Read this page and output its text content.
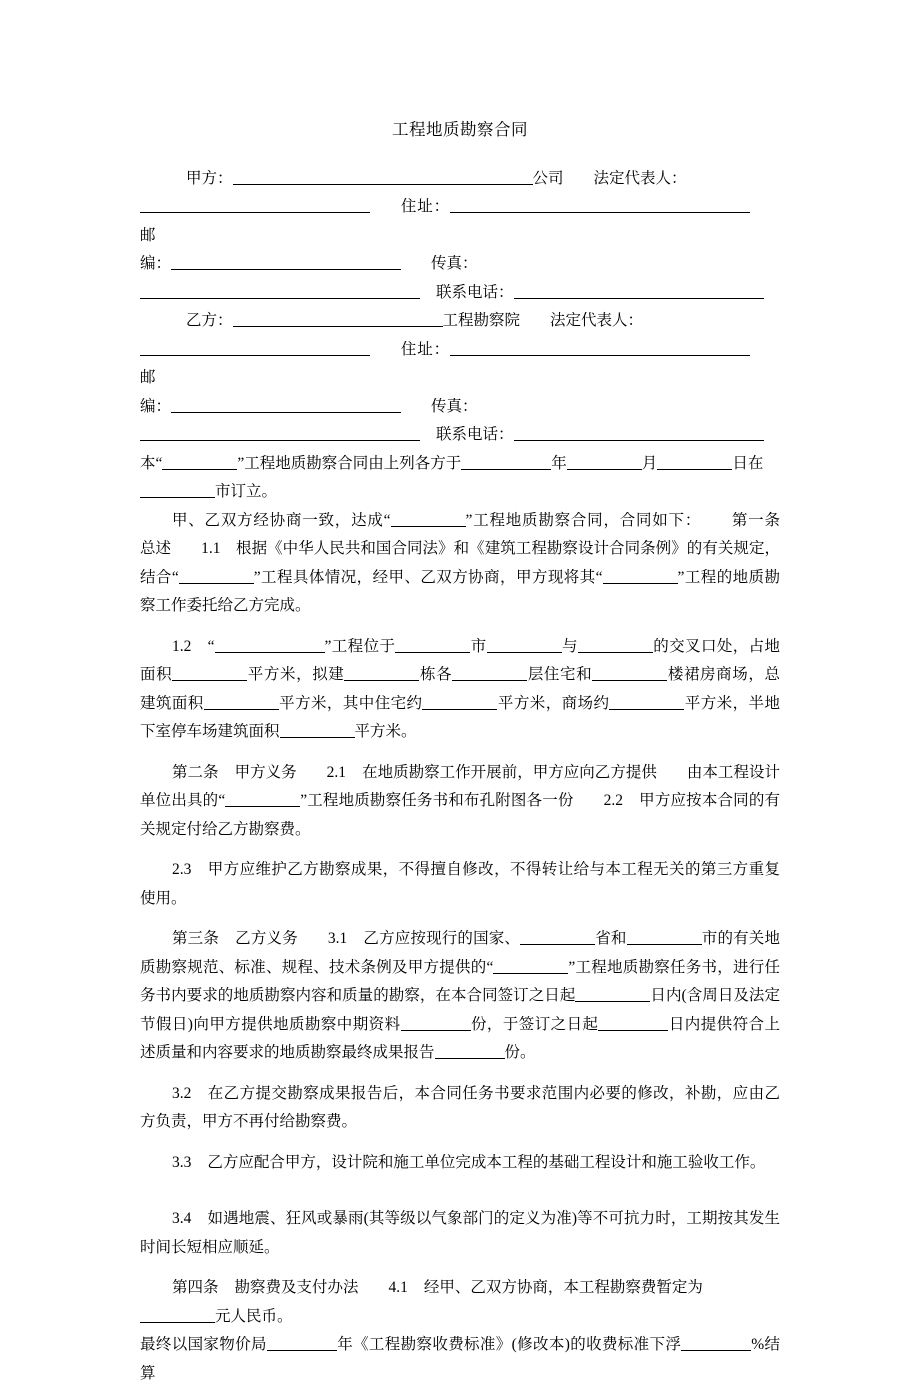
工程地质勘察合同

甲方：	公司 法定代表人：
住址：邮
编：	传真：
联系电话：

乙方：	工程勘察院 法定代表人：
住址：邮
编：	传真：
联系电话：

本“	”工程地质勘察合同由上列各方于	年	月	日在
市订立。

甲、乙双方经协商一致，达成“	”工程地质勘察合同，合同如下： 第一条　总述 1.1　根据《中华人民共和国合同法》和《建筑工程勘察设计合同条例》的有关规定，结合“	”工程具体情况，经甲、乙双方协商，甲方现将其“	”工程的地质勘察工作委托给乙方完成。

1.2　“	”工程位于	市	与	的交叉口处，占地面积	平方米，拟建	栋各	层住宅和	楼裙房商场，总建筑面积	平方米，其中住宅约	平方米，商场约	平方米，半地下室停车场建筑面积	平方米。

第二条 甲方义务 2.1 在地质勘察工作开展前，甲方应向乙方提供 由本工程设计单位出具的“	”工程地质勘察任务书和布孔附图各一份 2.2 甲方应按本合同的有关规定付给乙方勘察费。

2.3 甲方应维护乙方勘察成果，不得擅自修改，不得转让给与本工程无关的第三方重复使用。

第三条 乙方义务 3.1 乙方应按现行的国家、	省和	市的有关地质勘察规范、标准、规程、技术条例及甲方提供的“	”工程地质勘察任务书，进行任务书内要求的地质勘察内容和质量的勘察，在本合同签订之日起	日内(含周日及法定节假日)向甲方提供地质勘察中期资料	份，于签订之日起	日内提供符合上述质量和内容要求的地质勘察最终成果报告	份。

3.2 在乙方提交勘察成果报告后，本合同任务书要求范围内必要的修改，补勘，应由乙方负责，甲方不再付给勘察费。

3.3 乙方应配合甲方，设计院和施工单位完成本工程的基础工程设计和施工验收工作。

3.4 如遇地震、狂风或暴雨(其等级以气象部门的定义为准)等不可抗力时，工期按其发生时间长短相应顺延。

第四条 勘察费及支付办法 4.1 经甲、乙双方协商，本工程勘察费暂定为
元人民币。

最终以国家物价局	年《工程勘察收费标准》(修改本)的收费标准下浮	%结算
